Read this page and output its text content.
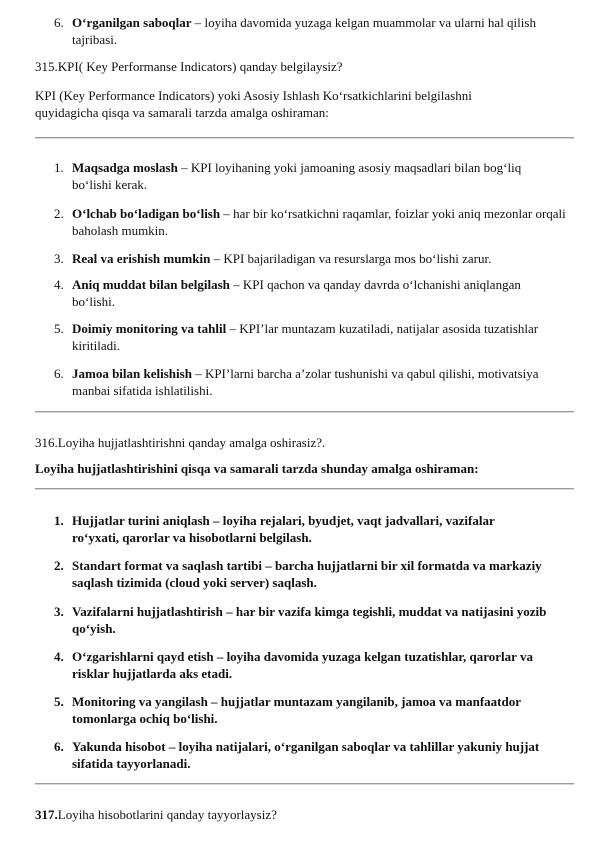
6. O‘rganilgan saboqlar – loyiha davomida yuzaga kelgan muammolar va ularni hal qilish tajribasi.
315.KPI( Key Performanse Indicators) qanday belgilaysiz?
KPI (Key Performance Indicators) yoki Asosiy Ishlash Ko‘rsatkichlarini belgilashni quyidagicha qisqa va samarali tarzda amalga oshiraman:
1. Maqsadga moslash – KPI loyihaning yoki jamoaning asosiy maqsadlari bilan bog‘liq bo‘lishi kerak.
2. O‘lchab bo‘ladigan bo‘lish – har bir ko‘rsatkichni raqamlar, foizlar yoki aniq mezonlar orqali baholash mumkin.
3. Real va erishish mumkin – KPI bajariladigan va resurslarga mos bo‘lishi zarur.
4. Aniq muddat bilan belgilash – KPI qachon va qanday davrda o‘lchanishi aniqlangan bo‘lishi.
5. Doimiy monitoring va tahlil – KPI’lar muntazam kuzatiladi, natijalar asosida tuzatishlar kiritiladi.
6. Jamoa bilan kelishish – KPI’larni barcha a’zolar tushunishi va qabul qilishi, motivatsiya manbai sifatida ishlatilishi.
316.Loyiha hujjatlashtirishni qanday amalga oshirasiz?.
Loyiha hujjatlashtirishini qisqa va samarali tarzda shunday amalga oshiraman:
1. Hujjatlar turini aniqlash – loyiha rejalari, byudjet, vaqt jadvallari, vazifalar ro‘yxati, qarorlar va hisobotlarni belgilash.
2. Standart format va saqlash tartibi – barcha hujjatlarni bir xil formatda va markaziy saqlash tizimida (cloud yoki server) saqlash.
3. Vazifalarni hujjatlashtirish – har bir vazifa kimga tegishli, muddat va natijasini yozib qo‘yish.
4. O‘zgarishlarni qayd etish – loyiha davomida yuzaga kelgan tuzatishlar, qarorlar va risklar hujjatlarda aks etadi.
5. Monitoring va yangilash – hujjatlar muntazam yangilanib, jamoa va manfaatdor tomonlarga ochiq bo‘lishi.
6. Yakunda hisobot – loyiha natijalari, o‘rganilgan saboqlar va tahlillar yakuniy hujjat sifatida tayyorlanadi.
317.Loyiha hisobotlarini qanday tayyorlaysiz?
